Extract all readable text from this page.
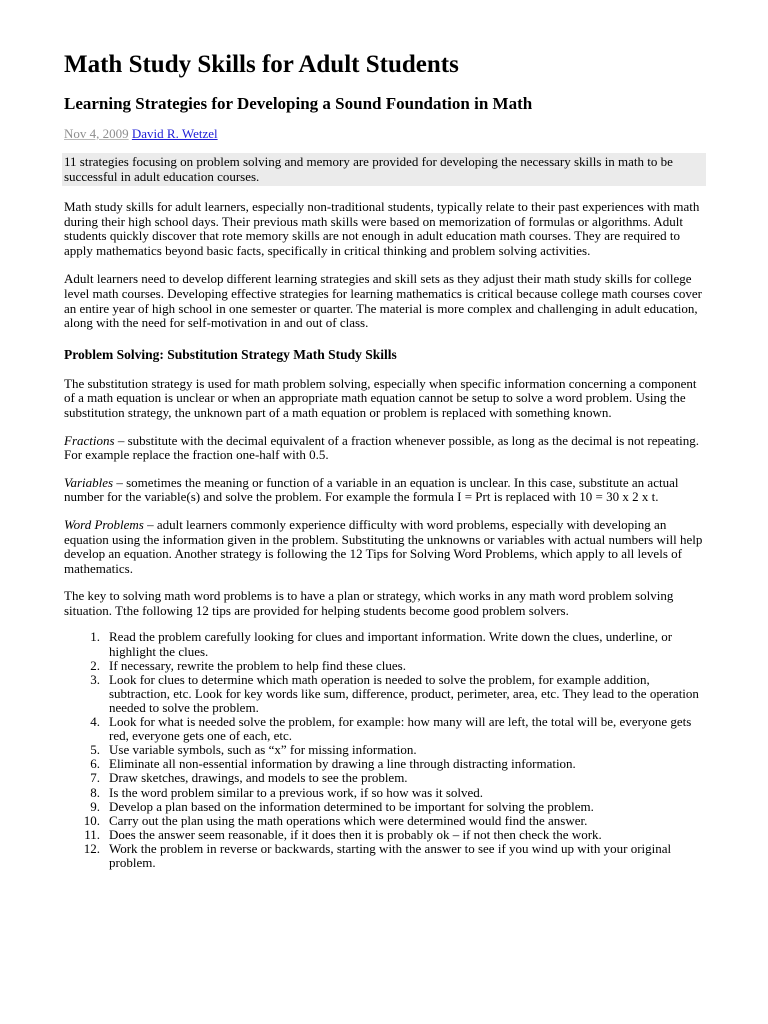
Math Study Skills for Adult Students
Learning Strategies for Developing a Sound Foundation in Math
Nov 4, 2009 David R. Wetzel
11 strategies focusing on problem solving and memory are provided for developing the necessary skills in math to be successful in adult education courses.

Math study skills for adult learners, especially non-traditional students, typically relate to their past experiences with math during their high school days. Their previous math skills were based on memorization of formulas or algorithms. Adult students quickly discover that rote memory skills are not enough in adult education math courses. They are required to apply mathematics beyond basic facts, specifically in critical thinking and problem solving activities.

Adult learners need to develop different learning strategies and skill sets as they adjust their math study skills for college level math courses. Developing effective strategies for learning mathematics is critical because college math courses cover an entire year of high school in one semester or quarter. The material is more complex and challenging in adult education, along with the need for self-motivation in and out of class.

Problem Solving: Substitution Strategy Math Study Skills

The substitution strategy is used for math problem solving, especially when specific information concerning a component of a math equation is unclear or when an appropriate math equation cannot be setup to solve a word problem. Using the substitution strategy, the unknown part of a math equation or problem is replaced with something known.

Fractions – substitute with the decimal equivalent of a fraction whenever possible, as long as the decimal is not repeating. For example replace the fraction one-half with 0.5.

Variables – sometimes the meaning or function of a variable in an equation is unclear. In this case, substitute an actual number for the variable(s) and solve the problem. For example the formula I = Prt is replaced with 10 = 30 x 2 x t.

Word Problems – adult learners commonly experience difficulty with word problems, especially with developing an equation using the information given in the problem. Substituting the unknowns or variables with actual numbers will help develop an equation. Another strategy is following the 12 Tips for Solving Word Problems, which apply to all levels of mathematics.

The key to solving math word problems is to have a plan or strategy, which works in any math word problem solving situation. Tthe following 12 tips are provided for helping students become good problem solvers.

1. Read the problem carefully looking for clues and important information. Write down the clues, underline, or highlight the clues.
2. If necessary, rewrite the problem to help find these clues.
3. Look for clues to determine which math operation is needed to solve the problem, for example addition, subtraction, etc. Look for key words like sum, difference, product, perimeter, area, etc. They lead to the operation needed to solve the problem.
4. Look for what is needed solve the problem, for example: how many will are left, the total will be, everyone gets red, everyone gets one of each, etc.
5. Use variable symbols, such as “x” for missing information.
6. Eliminate all non-essential information by drawing a line through distracting information.
7. Draw sketches, drawings, and models to see the problem.
8. Is the word problem similar to a previous work, if so how was it solved.
9. Develop a plan based on the information determined to be important for solving the problem.
10. Carry out the plan using the math operations which were determined would find the answer.
11. Does the answer seem reasonable, if it does then it is probably ok – if not then check the work.
12. Work the problem in reverse or backwards, starting with the answer to see if you wind up with your original problem.
